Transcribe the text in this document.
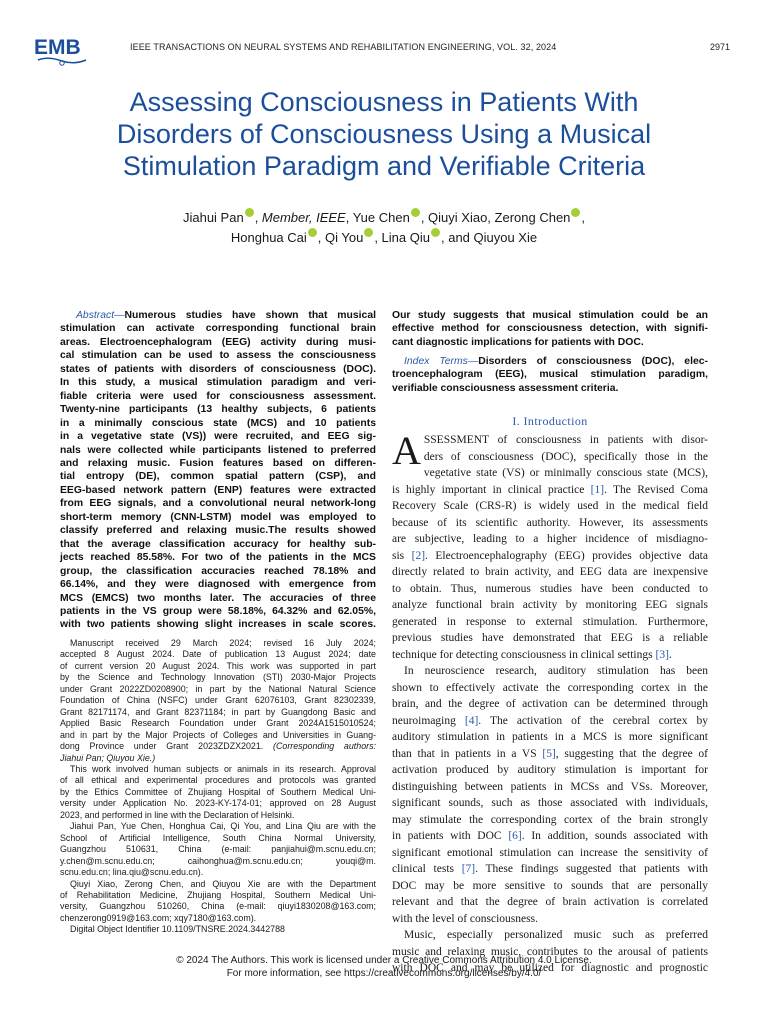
EMB	IEEE TRANSACTIONS ON NEURAL SYSTEMS AND REHABILITATION ENGINEERING, VOL. 32, 2024	2971
Assessing Consciousness in Patients With
Disorders of Consciousness Using a Musical
Stimulation Paradigm and Verifiable Criteria
Jiahui Pan , Member, IEEE, Yue Chen , Qiuyi Xiao, Zerong Chen ,
Honghua Cai , Qi You , Lina Qiu , and Qiuyou Xie
Abstract—Numerous studies have shown that musical
stimulation can activate corresponding functional brain
areas. Electroencephalogram (EEG) activity during musi-
cal stimulation can be used to assess the consciousness
states of patients with disorders of consciousness (DOC).
In this study, a musical stimulation paradigm and veri-
fiable criteria were used for consciousness assessment.
Twenty-nine participants (13 healthy subjects, 6 patients
in a minimally conscious state (MCS) and 10 patients
in a vegetative state (VS)) were recruited, and EEG sig-
nals were collected while participants listened to preferred
and relaxing music. Fusion features based on differen-
tial entropy (DE), common spatial pattern (CSP), and
EEG-based network pattern (ENP) features were extracted
from EEG signals, and a convolutional neural network-long
short-term memory (CNN-LSTM) model was employed to
classify preferred and relaxing music.The results showed
that the average classification accuracy for healthy sub-
jects reached 85.58%. For two of the patients in the MCS
group, the classification accuracies reached 78.18% and
66.14%, and they were diagnosed with emergence from
MCS (EMCS) two months later. The accuracies of three
patients in the VS group were 58.18%, 64.32% and 62.05%,
with two patients showing slight increases in scale scores.
Manuscript received 29 March 2024; revised 16 July 2024;
accepted 8 August 2024. Date of publication 13 August 2024; date
of current version 20 August 2024. This work was supported in part
by the Science and Technology Innovation (STI) 2030-Major Projects
under Grant 2022ZD0208900; in part by the National Natural Science
Foundation of China (NSFC) under Grant 62076103, Grant 82302339,
Grant 82171174, and Grant 82371184; in part by Guangdong Basic and
Applied Basic Research Foundation under Grant 2024A1515010524;
and in part by the Major Projects of Colleges and Universities in Guang-
dong Province under Grant 2023ZDZX2021. (Corresponding authors:
Jiahui Pan; Qiuyou Xie.)
This work involved human subjects or animals in its research. Approval
of all ethical and experimental procedures and protocols was granted
by the Ethics Committee of Zhujiang Hospital of Southern Medical Uni-
versity under Application No. 2023-KY-174-01; approved on 28 August
2023, and performed in line with the Declaration of Helsinki.
Jiahui Pan, Yue Chen, Honghua Cai, Qi You, and Lina Qiu are with the
School of Artificial Intelligence, South China Normal University,
Guangzhou 510631, China (e-mail: panjiahui@m.scnu.edu.cn;
y.chen@m.scnu.edu.cn; caihonghua@m.scnu.edu.cn; youqi@m.
scnu.edu.cn; lina.qiu@scnu.edu.cn).
Qiuyi Xiao, Zerong Chen, and Qiuyou Xie are with the Department
of Rehabilitation Medicine, Zhujiang Hospital, Southern Medical Uni-
versity, Guangzhou 510260, China (e-mail: qiuyi1830208@163.com;
chenzerong0919@163.com; xqy7180@163.com).
Digital Object Identifier 10.1109/TNSRE.2024.3442788
Our study suggests that musical stimulation could be an
effective method for consciousness detection, with signifi-
cant diagnostic implications for patients with DOC.
Index Terms—Disorders of consciousness (DOC), elec-
troencephalogram (EEG), musical stimulation paradigm,
verifiable consciousness assessment criteria.
I. Introduction
A SSESSMENT of consciousness in patients with disor-
ders of consciousness (DOC), specifically those in the
vegetative state (VS) or minimally conscious state (MCS),
is highly important in clinical practice [1]. The Revised Coma
Recovery Scale (CRS-R) is widely used in the medical field
because of its scientific authority. However, its assessments
are subjective, leading to a higher incidence of misdiagno-
sis [2]. Electroencephalography (EEG) provides objective data
directly related to brain activity, and EEG data are inexpensive
to obtain. Thus, numerous studies have been conducted to
analyze functional brain activity by monitoring EEG signals
generated in response to external stimulation. Furthermore,
previous studies have demonstrated that EEG is a reliable
technique for detecting consciousness in clinical settings [3].
In neuroscience research, auditory stimulation has been
shown to effectively activate the corresponding cortex in the
brain, and the degree of activation can be determined through
neuroimaging [4]. The activation of the cerebral cortex by
auditory stimulation in patients in a MCS is more significant
than that in patients in a VS [5], suggesting that the degree of
activation produced by auditory stimulation is important for
distinguishing between patients in MCSs and VSs. Moreover,
significant sounds, such as those associated with individuals,
may stimulate the corresponding cortex of the brain strongly
in patients with DOC [6]. In addition, sounds associated with
significant emotional stimulation can increase the sensitivity of
clinical tests [7]. These findings suggested that patients with
DOC may be more sensitive to sounds that are personally
relevant and that the degree of brain activation is correlated
with the level of consciousness.
Music, especially personalized music such as preferred
music and relaxing music, contributes to the arousal of patients
with DOC and may be utilized for diagnostic and prognostic
© 2024 The Authors. This work is licensed under a Creative Commons Attribution 4.0 License.
For more information, see https://creativecommons.org/licenses/by/4.0/
